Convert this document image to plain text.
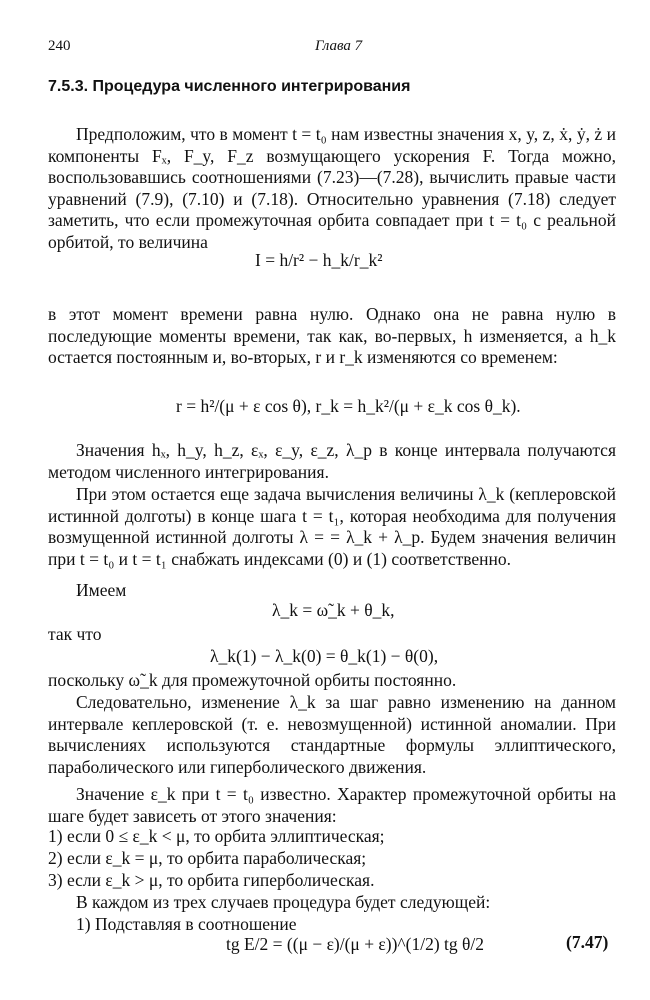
240	Глава 7
7.5.3. Процедура численного интегрирования

Предположим, что в момент t = t₀ нам известны значения x, y, z, ẋ, ẏ, ż и компоненты Fₓ, F_y, F_z возмущающего ускорения F. Тогда можно, воспользовавшись соотношениями (7.23)—(7.28), вычислить правые части уравнений (7.9), (7.10) и (7.18). Относительно уравнения (7.18) следует заметить, что если промежуточная орбита совпадает при t = t₀ с реальной орбитой, то величина

I = h/r² − h_k/r_k²

в этот момент времени равна нулю. Однако она не равна нулю в последующие моменты времени, так как, во-первых, h изменяется, а h_k остается постоянным и, во-вторых, r и r_k изменяются со временем:

r = h²/(μ + ε cos θ), r_k = h_k²/(μ + ε_k cos θ_k).

Значения hₓ, h_y, h_z, εₓ, ε_y, ε_z, λ_p в конце интервала получаются методом численного интегрирования.

При этом остается еще задача вычисления величины λ_k (кеплеровской истинной долготы) в конце шага t = t₁, которая необходима для получения возмущенной истинной долготы λ = = λ_k + λ_p. Будем значения величин при t = t₀ и t = t₁ снабжать индексами (0) и (1) соответственно.

Имеем
λ_k = ω̃_k + θ_k,
так что
λ_k(1) − λ_k(0) = θ_k(1) − θ(0),
поскольку ω̃_k для промежуточной орбиты постоянно.

Следовательно, изменение λ_k за шаг равно изменению на данном интервале кеплеровской (т. е. невозмущенной) истинной аномалии. При вычислениях используются стандартные формулы эллиптического, параболического или гиперболического движения.

Значение ε_k при t = t₀ известно. Характер промежуточной орбиты на шаге будет зависеть от этого значения:

1) если 0 ≤ ε_k < μ, то орбита эллиптическая;
2) если ε_k = μ, то орбита параболическая;
3) если ε_k > μ, то орбита гиперболическая.
В каждом из трех случаев процедура будет следующей:
1) Подставляя в соотношение
tg E/2 = ((μ − ε)/(μ + ε))^(1/2) tg θ/2	(7.47)
